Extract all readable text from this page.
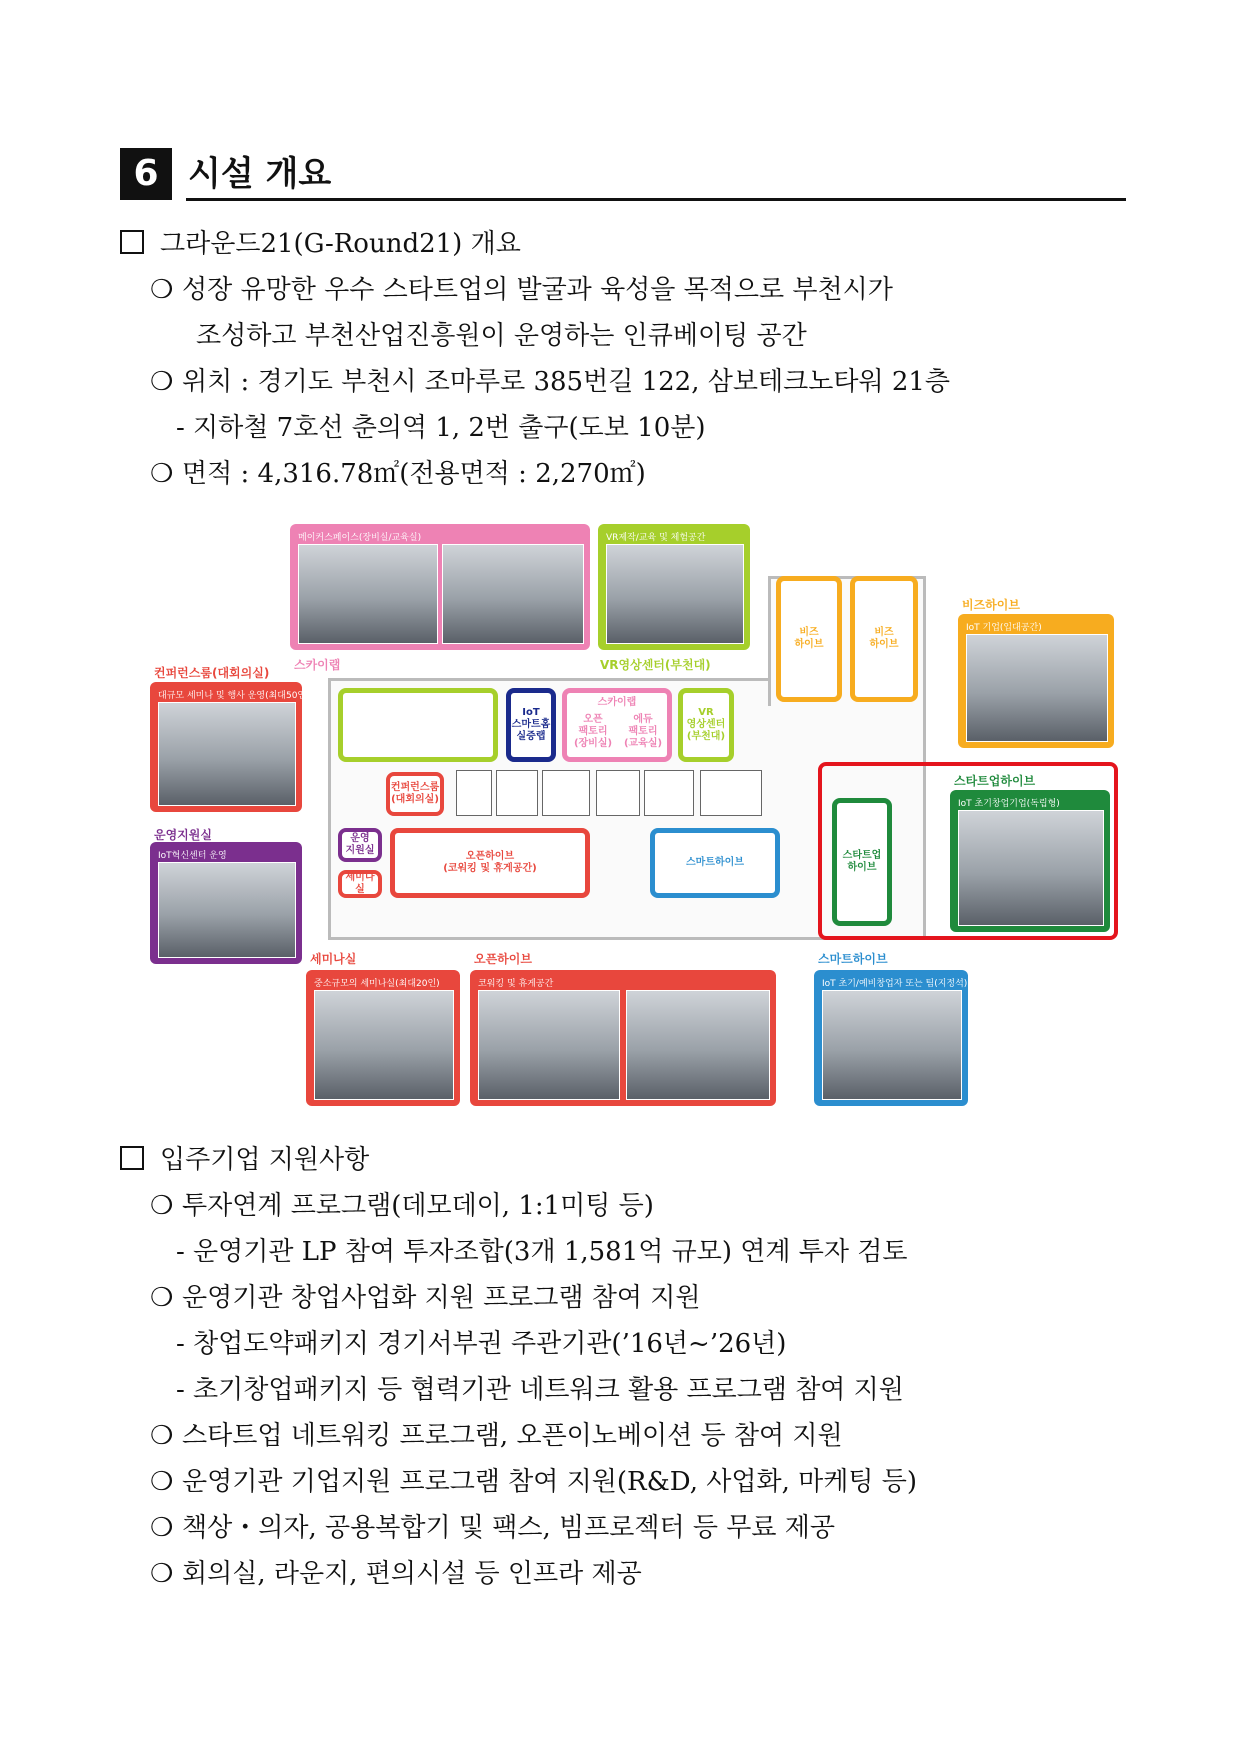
6 시설 개요
그라운드21(G-Round21) 개요
❍ 성장 유망한 우수 스타트업의 발굴과 육성을 목적으로 부천시가
조성하고 부천산업진흥원이 운영하는 인큐베이팅 공간
❍ 위치 : 경기도 부천시 조마루로 385번길 122, 삼보테크노타워 21층
- 지하철 7호선 춘의역 1, 2번 출구(도보 10분)
❍ 면적 : 4,316.78㎡(전용면적 : 2,270㎡)
메이커스페이스(장비실/교육실)	VR제작/교육 및 체험공간
스카이랩	VR영상센터(부천대)
비즈하이브
IoT 기업(입대공간)
컨퍼런스룸(대회의실)
대규모 세미나 및 행사 운영(최대50인)
운영지원실
IoT혁신센터 운영
IoT
스마트홈
실증랩
스카이랩
오픈
팩토리
(장비실)
에듀
팩토리
(교육실)
VR
영상센터
(부천대)
비즈
하이브
비즈
하이브
컨퍼런스룸
(대회의실)
운영
지원실
세미나실
오픈하이브
(코워킹 및 휴게공간)
스마트하이브
스타트업
하이브
스타트업하이브
IoT 초기창업기업(독립형)
세미나실
중소규모의 세미나실(최대20인)
오픈하이브
코워킹 및 휴게공간
스마트하이브
IoT 초기/예비창업자 또는 팀(지정석)
입주기업 지원사항
❍ 투자연계 프로그램(데모데이, 1:1미팅 등)
- 운영기관 LP 참여 투자조합(3개 1,581억 규모) 연계 투자 검토
❍ 운영기관 창업사업화 지원 프로그램 참여 지원
- 창업도약패키지 경기서부권 주관기관(’16년~’26년)
- 초기창업패키지 등 협력기관 네트워크 활용 프로그램 참여 지원
❍ 스타트업 네트워킹 프로그램, 오픈이노베이션 등 참여 지원
❍ 운영기관 기업지원 프로그램 참여 지원(R&D, 사업화, 마케팅 등)
❍ 책상・의자, 공용복합기 및 팩스, 빔프로젝터 등 무료 제공
❍ 회의실, 라운지, 편의시설 등 인프라 제공
